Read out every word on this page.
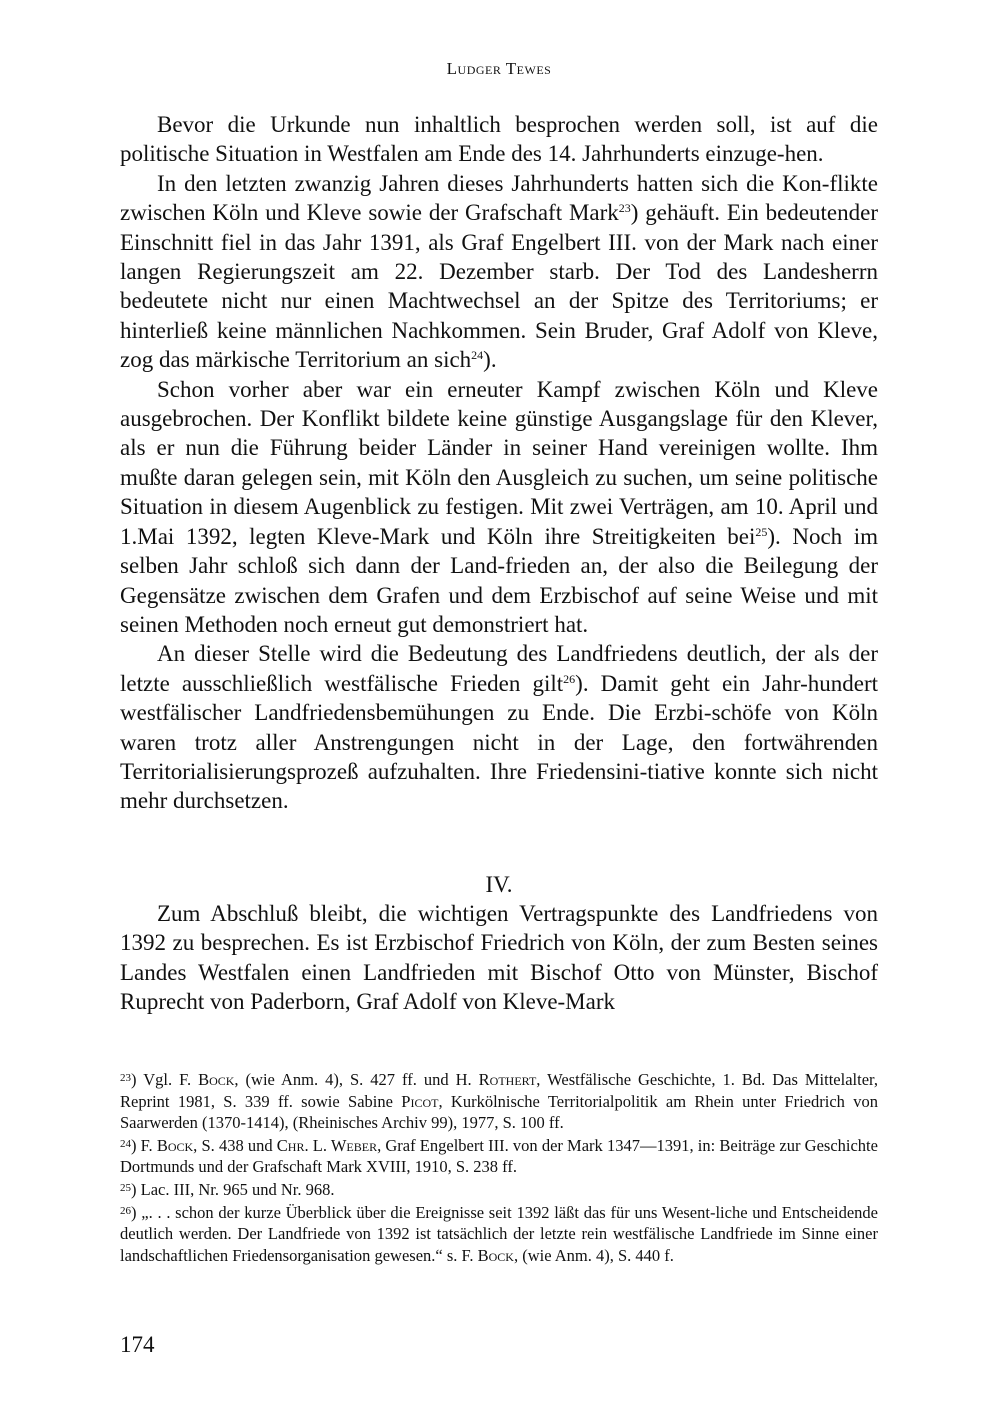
Ludger Tewes

Bevor die Urkunde nun inhaltlich besprochen werden soll, ist auf die politische Situation in Westfalen am Ende des 14. Jahrhunderts einzuge-hen.

In den letzten zwanzig Jahren dieses Jahrhunderts hatten sich die Kon-flikte zwischen Köln und Kleve sowie der Grafschaft Mark$^{23}$) gehäuft. Ein bedeutender Einschnitt fiel in das Jahr 1391, als Graf Engelbert III. von der Mark nach einer langen Regierungszeit am 22. Dezember starb. Der Tod des Landesherrn bedeutete nicht nur einen Machtwechsel an der Spitze des Territoriums; er hinterließ keine männlichen Nachkommen. Sein Bruder, Graf Adolf von Kleve, zog das märkische Territorium an sich$^{24}$).

Schon vorher aber war ein erneuter Kampf zwischen Köln und Kleve ausgebrochen. Der Konflikt bildete keine günstige Ausgangslage für den Klever, als er nun die Führung beider Länder in seiner Hand vereinigen wollte. Ihm mußte daran gelegen sein, mit Köln den Ausgleich zu suchen, um seine politische Situation in diesem Augenblick zu festigen. Mit zwei Verträgen, am 10. April und 1.Mai 1392, legten Kleve-Mark und Köln ihre Streitigkeiten bei$^{25}$). Noch im selben Jahr schloß sich dann der Land-frieden an, der also die Beilegung der Gegensätze zwischen dem Grafen und dem Erzbischof auf seine Weise und mit seinen Methoden noch erneut gut demonstriert hat.

An dieser Stelle wird die Bedeutung des Landfriedens deutlich, der als der letzte ausschließlich westfälische Frieden gilt$^{26}$). Damit geht ein Jahr-hundert westfälischer Landfriedensbemühungen zu Ende. Die Erzbi-schöfe von Köln waren trotz aller Anstrengungen nicht in der Lage, den fortwährenden Territorialisierungsprozeß aufzuhalten. Ihre Friedensini-tiative konnte sich nicht mehr durchsetzen.

IV.

Zum Abschluß bleibt, die wichtigen Vertragspunkte des Landfriedens von 1392 zu besprechen. Es ist Erzbischof Friedrich von Köln, der zum Besten seines Landes Westfalen einen Landfrieden mit Bischof Otto von Münster, Bischof Ruprecht von Paderborn, Graf Adolf von Kleve-Mark

$^{23}$) Vgl. F. Bock, (wie Anm. 4), S. 427 ff. und H. Rothert, Westfälische Geschichte, 1. Bd. Das Mittelalter, Reprint 1981, S. 339 ff. sowie Sabine Picot, Kurkölnische Territorialpolitik am Rhein unter Friedrich von Saarwerden (1370-1414), (Rheinisches Archiv 99), 1977, S. 100 ff.

$^{24}$) F. Bock, S. 438 und Chr. L. Weber, Graf Engelbert III. von der Mark 1347—1391, in: Beiträge zur Geschichte Dortmunds und der Grafschaft Mark XVIII, 1910, S. 238 ff.

$^{25}$) Lac. III, Nr. 965 und Nr. 968.

$^{26}$) „. . . schon der kurze Überblick über die Ereignisse seit 1392 läßt das für uns Wesent-liche und Entscheidende deutlich werden. Der Landfriede von 1392 ist tatsächlich der letzte rein westfälische Landfriede im Sinne einer landschaftlichen Friedensorganisation gewesen.“ s. F. Bock, (wie Anm. 4), S. 440 f.

174
